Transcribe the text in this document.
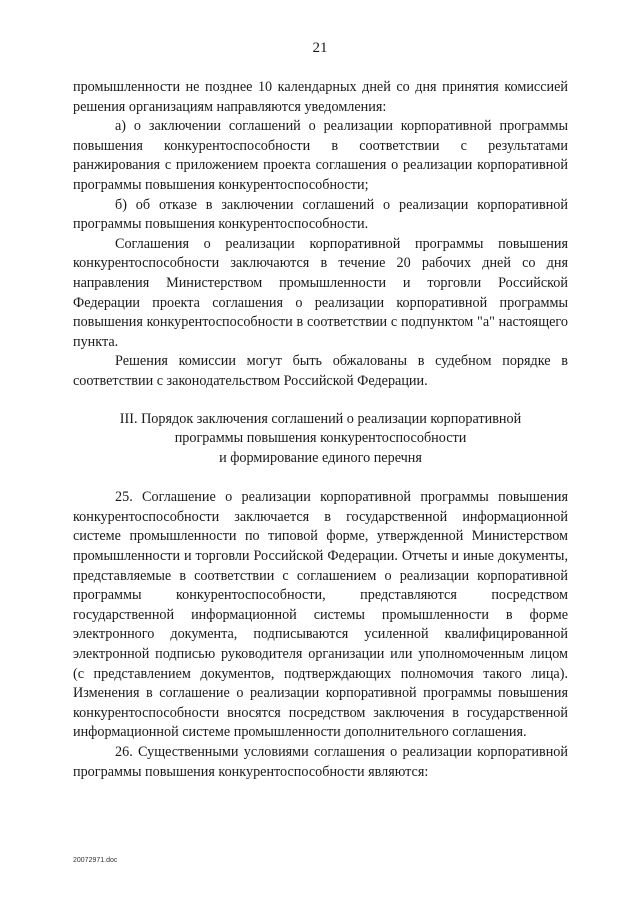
21

промышленности не позднее 10 календарных дней со дня принятия комиссией решения организациям направляются уведомления:

а) о заключении соглашений о реализации корпоративной программы повышения конкурентоспособности в соответствии с результатами ранжирования с приложением проекта соглашения о реализации корпоративной программы повышения конкурентоспособности;

б) об отказе в заключении соглашений о реализации корпоративной программы повышения конкурентоспособности.

Соглашения о реализации корпоративной программы повышения конкурентоспособности заключаются в течение 20 рабочих дней со дня направления Министерством промышленности и торговли Российской Федерации проекта соглашения о реализации корпоративной программы повышения конкурентоспособности в соответствии с подпунктом "а" настоящего пункта.

Решения комиссии могут быть обжалованы в судебном порядке в соответствии с законодательством Российской Федерации.

III. Порядок заключения соглашений о реализации корпоративной
программы повышения конкурентоспособности
и формирование единого перечня

25. Соглашение о реализации корпоративной программы повышения конкурентоспособности заключается в государственной информационной системе промышленности по типовой форме, утвержденной Министерством промышленности и торговли Российской Федерации. Отчеты и иные документы, представляемые в соответствии с соглашением о реализации корпоративной программы конкурентоспособности, представляются посредством государственной информационной системы промышленности в форме электронного документа, подписываются усиленной квалифицированной электронной подписью руководителя организации или уполномоченным лицом (с представлением документов, подтверждающих полномочия такого лица). Изменения в соглашение о реализации корпоративной программы повышения конкурентоспособности вносятся посредством заключения в государственной информационной системе промышленности дополнительного соглашения.

26. Существенными условиями соглашения о реализации корпоративной программы повышения конкурентоспособности являются:

20072971.doc
